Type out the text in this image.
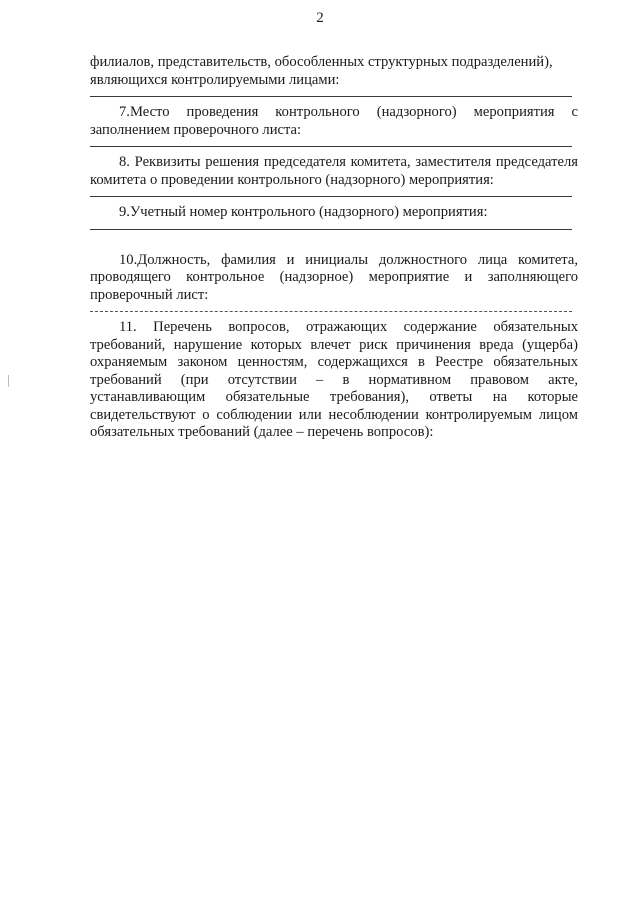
2

филиалов, представительств, обособленных структурных подразделений),

являющихся контролируемыми лицами:

7.Место проведения контрольного (надзорного) мероприятия с заполнением проверочного листа:

8. Реквизиты решения председателя комитета, заместителя председателя комитета о проведении контрольного (надзорного) мероприятия:

9.Учетный номер контрольного (надзорного) мероприятия:

10.Должность, фамилия и инициалы должностного лица комитета, проводящего контрольное (надзорное) мероприятие и заполняющего проверочный лист:

11. Перечень вопросов, отражающих содержание обязательных требований, нарушение которых влечет риск причинения вреда (ущерба) охраняемым законом ценностям, содержащихся в Реестре обязательных требований (при отсутствии – в нормативном правовом акте, устанавливающим обязательные требования), ответы на которые свидетельствуют о соблюдении или несоблюдении контролируемым лицом обязательных требований (далее – перечень вопросов):
